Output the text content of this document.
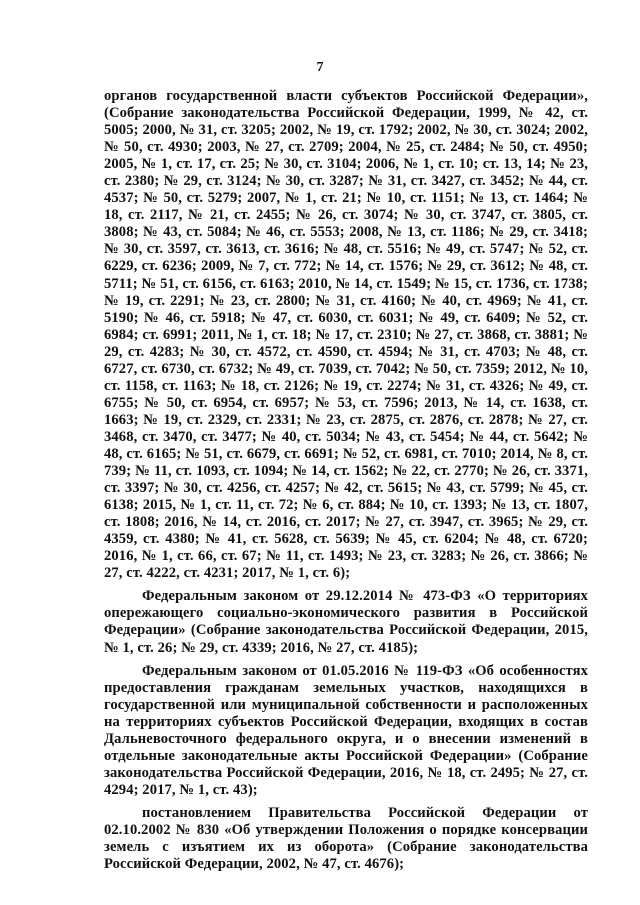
7

органов государственной власти субъектов Российской Федерации», (Собрание законодательства Российской Федерации, 1999, № 42, ст. 5005; 2000, № 31, ст. 3205; 2002, № 19, ст. 1792; 2002, № 30, ст. 3024; 2002, № 50, ст. 4930; 2003, № 27, ст. 2709; 2004, № 25, ст. 2484; № 50, ст. 4950; 2005, № 1, ст. 17, ст. 25; № 30, ст. 3104; 2006, № 1, ст. 10; ст. 13, 14; № 23, ст. 2380; № 29, ст. 3124; № 30, ст. 3287; № 31, ст. 3427, ст. 3452; № 44, ст. 4537; № 50, ст. 5279; 2007, № 1, ст. 21; № 10, ст. 1151; № 13, ст. 1464; № 18, ст. 2117, № 21, ст. 2455; № 26, ст. 3074; № 30, ст. 3747, ст. 3805, ст. 3808; № 43, ст. 5084; № 46, ст. 5553; 2008, № 13, ст. 1186; № 29, ст. 3418; № 30, ст. 3597, ст. 3613, ст. 3616; № 48, ст. 5516; № 49, ст. 5747; № 52, ст. 6229, ст. 6236; 2009, № 7, ст. 772; № 14, ст. 1576; № 29, ст. 3612; № 48, ст. 5711; № 51, ст. 6156, ст. 6163; 2010, № 14, ст. 1549; № 15, ст. 1736, ст. 1738; № 19, ст. 2291; № 23, ст. 2800; № 31, ст. 4160; № 40, ст. 4969; № 41, ст. 5190; № 46, ст. 5918; № 47, ст. 6030, ст. 6031; № 49, ст. 6409; № 52, ст. 6984; ст. 6991; 2011, № 1, ст. 18; № 17, ст. 2310; № 27, ст. 3868, ст. 3881; № 29, ст. 4283; № 30, ст. 4572, ст. 4590, ст. 4594; № 31, ст. 4703; № 48, ст. 6727, ст. 6730, ст. 6732; № 49, ст. 7039, ст. 7042; № 50, ст. 7359; 2012, № 10, ст. 1158, ст. 1163; № 18, ст. 2126; № 19, ст. 2274; № 31, ст. 4326; № 49, ст. 6755; № 50, ст. 6954, ст. 6957; № 53, ст. 7596; 2013, № 14, ст. 1638, ст. 1663; № 19, ст. 2329, ст. 2331; № 23, ст. 2875, ст. 2876, ст. 2878; № 27, ст. 3468, ст. 3470, ст. 3477; № 40, ст. 5034; № 43, ст. 5454; № 44, ст. 5642; № 48, ст. 6165; № 51, ст. 6679, ст. 6691; № 52, ст. 6981, ст. 7010; 2014, № 8, ст. 739; № 11, ст. 1093, ст. 1094; № 14, ст. 1562; № 22, ст. 2770; № 26, ст. 3371, ст. 3397; № 30, ст. 4256, ст. 4257; № 42, ст. 5615; № 43, ст. 5799; № 45, ст. 6138; 2015, № 1, ст. 11, ст. 72; № 6, ст. 884; № 10, ст. 1393; № 13, ст. 1807, ст. 1808; 2016, № 14, ст. 2016, ст. 2017; № 27, ст. 3947, ст. 3965; № 29, ст. 4359, ст. 4380; № 41, ст. 5628, ст. 5639; № 45, ст. 6204; № 48, ст. 6720; 2016, № 1, ст. 66, ст. 67; № 11, ст. 1493; № 23, ст. 3283; № 26, ст. 3866; № 27, ст. 4222, ст. 4231; 2017, № 1, ст. 6);

Федеральным законом от 29.12.2014 № 473-ФЗ «О территориях опережающего социально-экономического развития в Российской Федерации» (Собрание законодательства Российской Федерации, 2015, № 1, ст. 26; № 29, ст. 4339; 2016, № 27, ст. 4185);

Федеральным законом от 01.05.2016 № 119-ФЗ «Об особенностях предоставления гражданам земельных участков, находящихся в государственной или муниципальной собственности и расположенных на территориях субъектов Российской Федерации, входящих в состав Дальневосточного федерального округа, и о внесении изменений в отдельные законодательные акты Российской Федерации» (Собрание законодательства Российской Федерации, 2016, № 18, ст. 2495; № 27, ст. 4294; 2017, № 1, ст. 43);

постановлением Правительства Российской Федерации от 02.10.2002 № 830 «Об утверждении Положения о порядке консервации земель с изъятием их из оборота» (Собрание законодательства Российской Федерации, 2002, № 47, ст. 4676);
